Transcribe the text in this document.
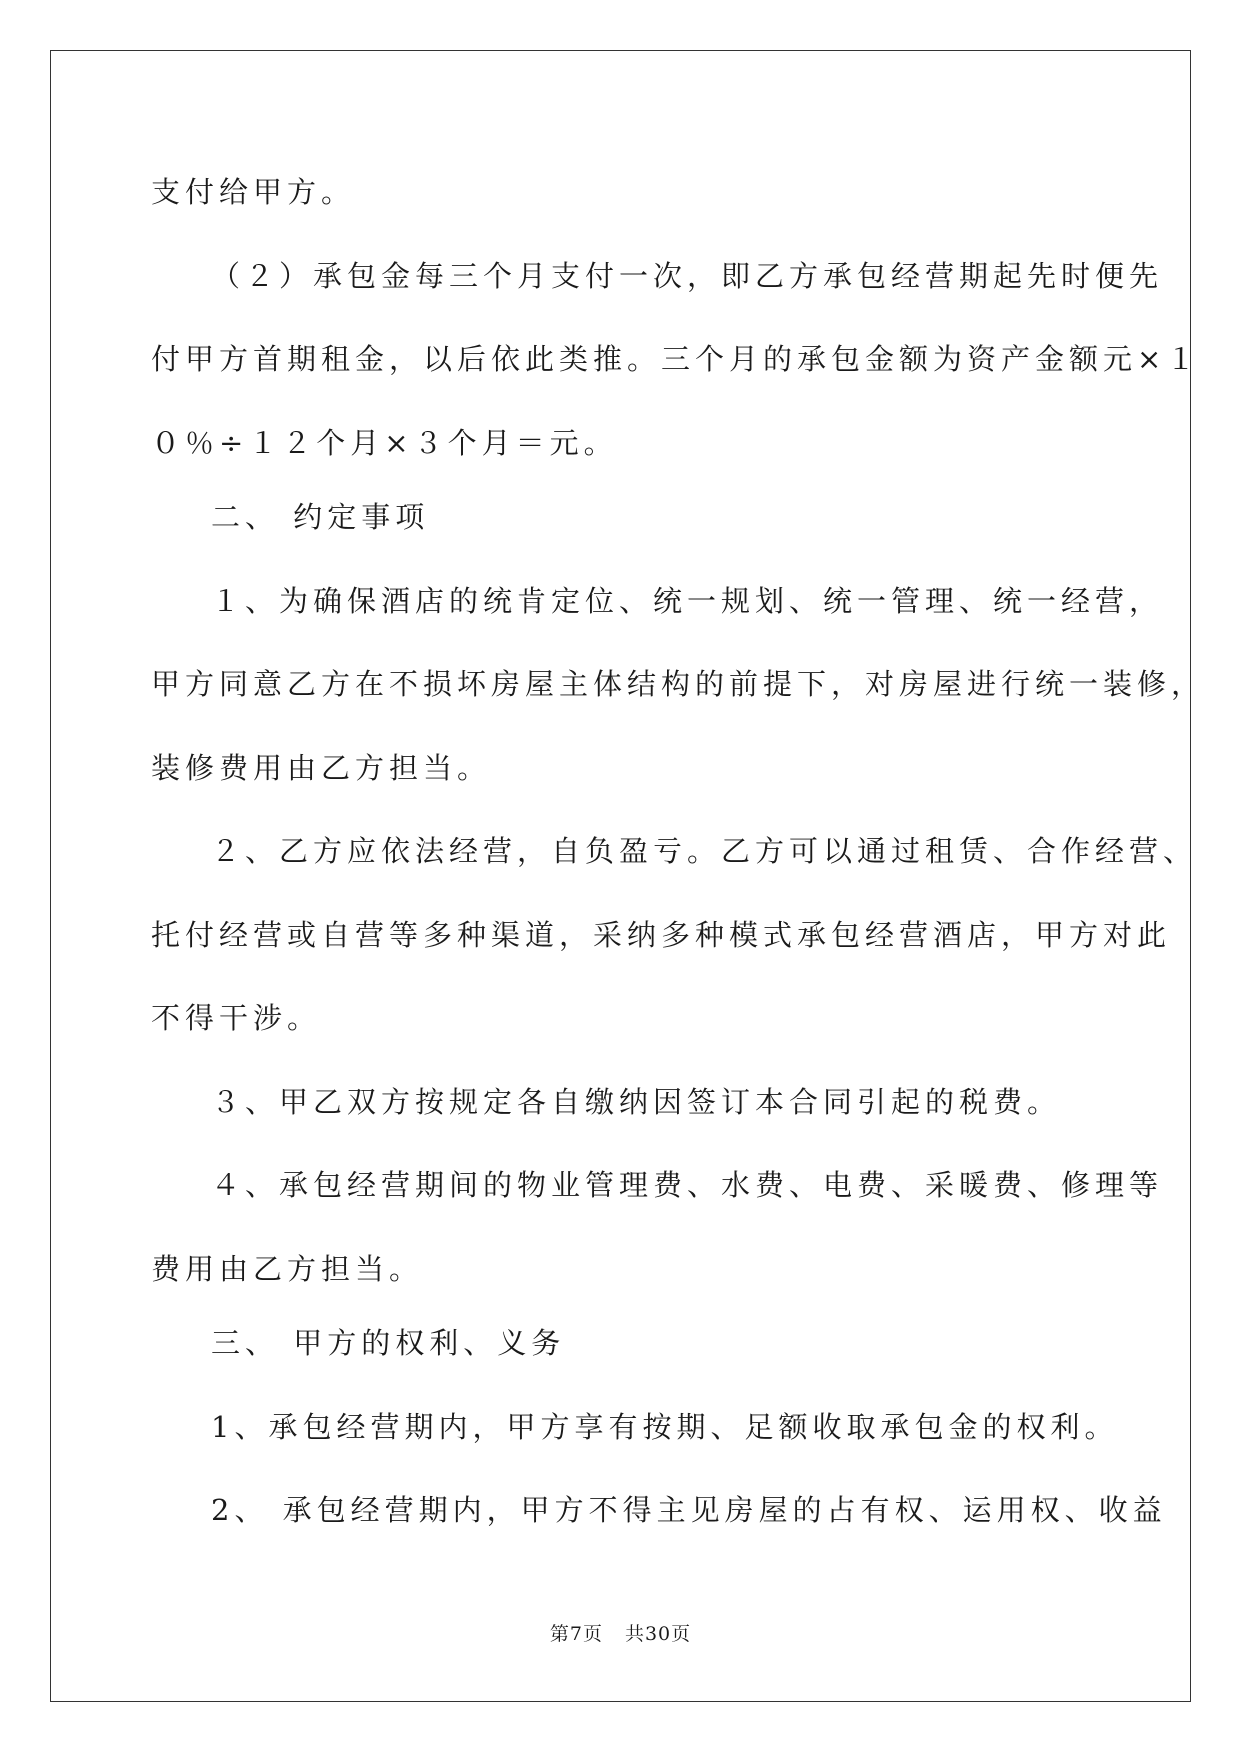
支付给甲方。
（２）承包金每三个月支付一次，即乙方承包经营期起先时便先
付甲方首期租金，以后依此类推。三个月的承包金额为资产金额元×１
０％÷１２个月×３个月＝元。
二、 约定事项
１、为确保酒店的统肯定位、统一规划、统一管理、统一经营，
甲方同意乙方在不损坏房屋主体结构的前提下，对房屋进行统一装修，
装修费用由乙方担当。
２、乙方应依法经营，自负盈亏。乙方可以通过租赁、合作经营、
托付经营或自营等多种渠道，采纳多种模式承包经营酒店，甲方对此
不得干涉。
３、甲乙双方按规定各自缴纳因签订本合同引起的税费。
４、承包经营期间的物业管理费、水费、电费、采暖费、修理等
费用由乙方担当。
三、 甲方的权利、义务
1、承包经营期内，甲方享有按期、足额收取承包金的权利。
2、 承包经营期内，甲方不得主见房屋的占有权、运用权、收益
第7页 共30页
